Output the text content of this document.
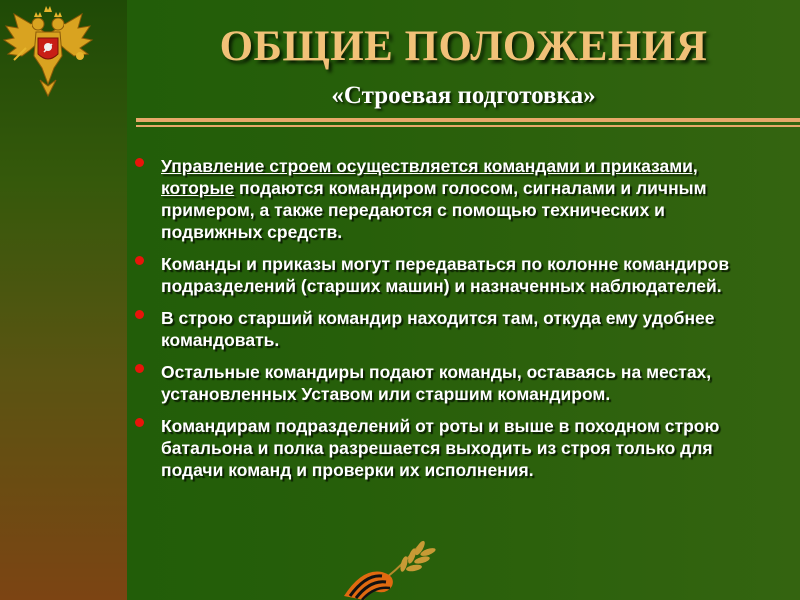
ОБЩИЕ ПОЛОЖЕНИЯ
«Строевая подготовка»
Управление строем осуществляется командами и приказами, которые подаются командиром голосом, сигналами и личным примером, а также передаются с помощью технических и подвижных средств.
Команды и приказы могут передаваться по колонне командиров подразделений (старших машин) и назначенных наблюдателей.
В строю старший командир находится там, откуда ему удобнее командовать.
Остальные командиры подают команды, оставаясь на местах, установленных Уставом или старшим командиром.
Командирам подразделений от роты и выше в походном строю батальона и полка разрешается выходить из строя только для подачи команд и проверки их исполнения.
